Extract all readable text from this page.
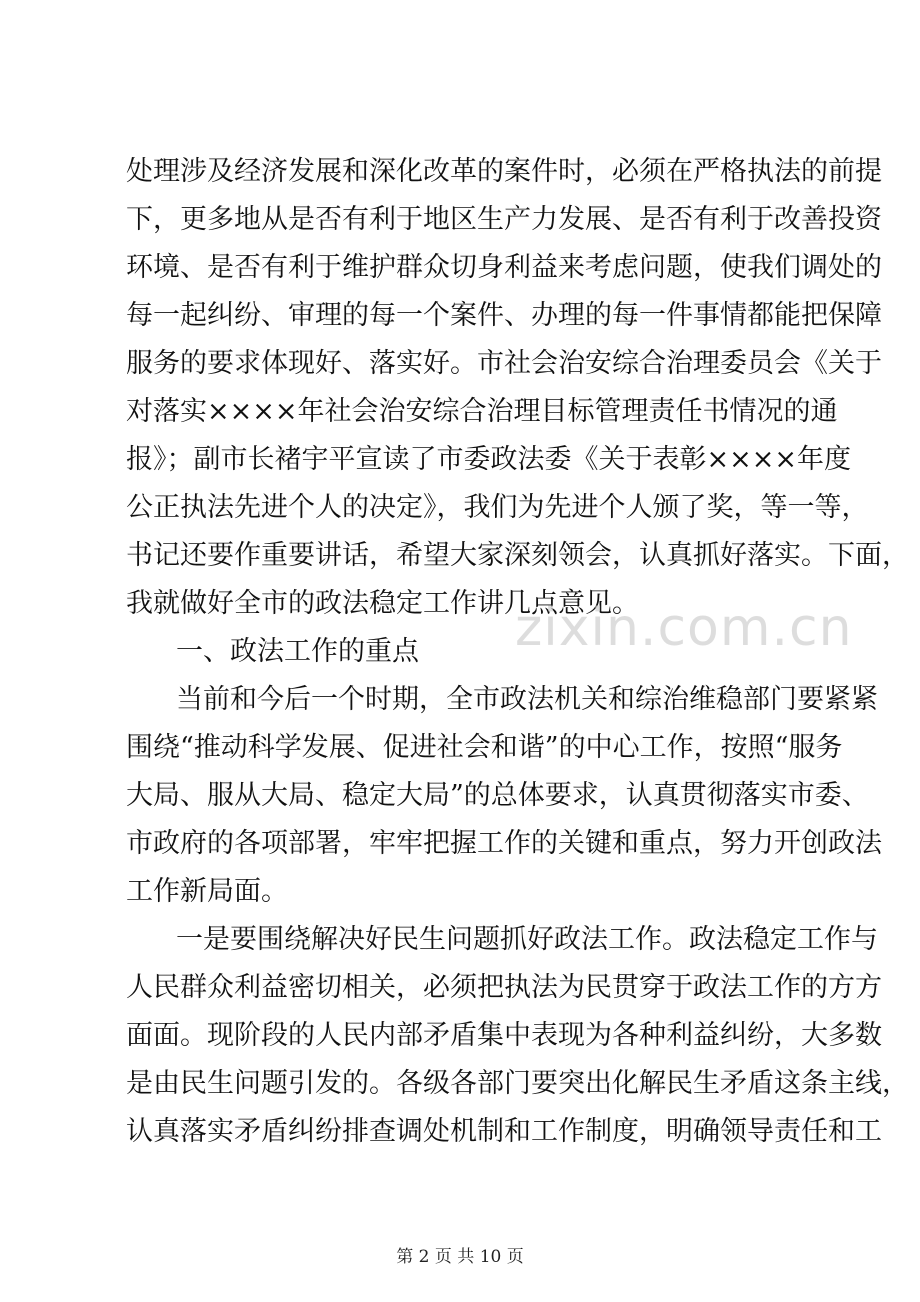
处理涉及经济发展和深化改革的案件时，必须在严格执法的前提
下，更多地从是否有利于地区生产力发展、是否有利于改善投资
环境、是否有利于维护群众切身利益来考虑问题，使我们调处的
每一起纠纷、审理的每一个案件、办理的每一件事情都能把保障
服务的要求体现好、落实好。市社会治安综合治理委员会《关于
对落实××××年社会治安综合治理目标管理责任书情况的通
报》；副市长褚宇平宣读了市委政法委《关于表彰××××年度
公正执法先进个人的决定》，我们为先进个人颁了奖，等一等，
书记还要作重要讲话，希望大家深刻领会，认真抓好落实。下面，
我就做好全市的政法稳定工作讲几点意见。
一、政法工作的重点
当前和今后一个时期，全市政法机关和综治维稳部门要紧紧
围绕“推动科学发展、促进社会和谐”的中心工作，按照“服务
大局、服从大局、稳定大局”的总体要求，认真贯彻落实市委、
市政府的各项部署，牢牢把握工作的关键和重点，努力开创政法
工作新局面。
一是要围绕解决好民生问题抓好政法工作。政法稳定工作与
人民群众利益密切相关，必须把执法为民贯穿于政法工作的方方
面面。现阶段的人民内部矛盾集中表现为各种利益纠纷，大多数
是由民生问题引发的。各级各部门要突出化解民生矛盾这条主线，
zixin.com.cn
第 2 页 共 10 页
认真落实矛盾纠纷排查调处机制和工作制度，明确领导责任和工
